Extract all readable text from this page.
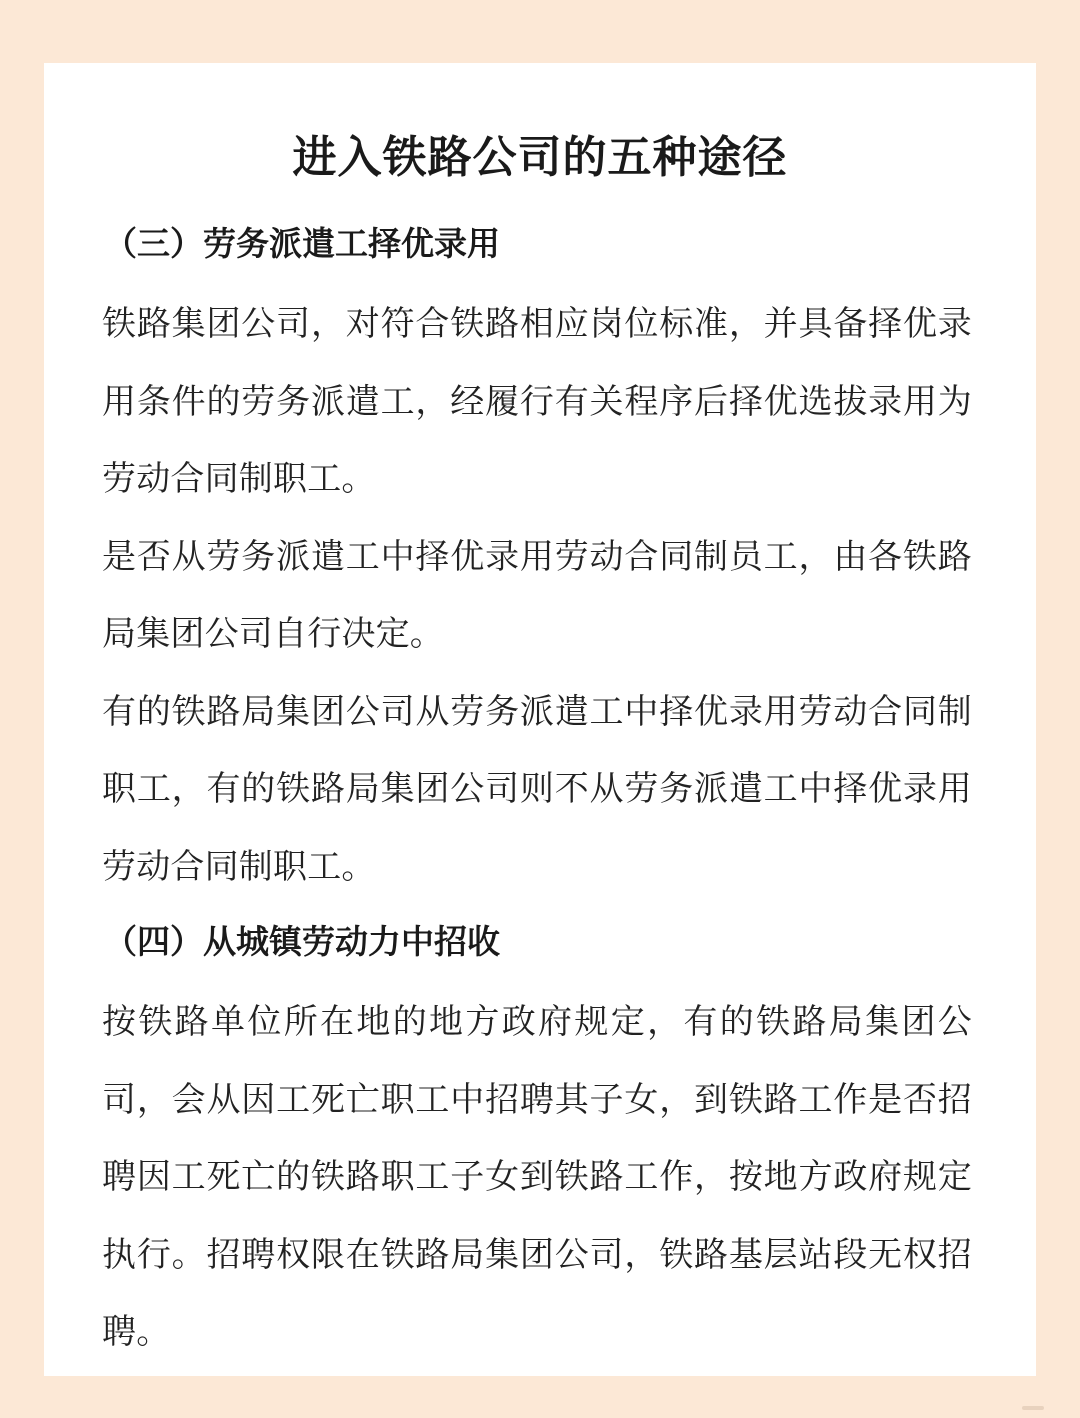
进入铁路公司的五种途径
（三）劳务派遣工择优录用

铁路集团公司，对符合铁路相应岗位标准，并具备择优录用条件的劳务派遣工，经履行有关程序后择优选拔录用为劳动合同制职工。

是否从劳务派遣工中择优录用劳动合同制员工，由各铁路局集团公司自行决定。

有的铁路局集团公司从劳务派遣工中择优录用劳动合同制职工，有的铁路局集团公司则不从劳务派遣工中择优录用劳动合同制职工。

（四）从城镇劳动力中招收

按铁路单位所在地的地方政府规定，有的铁路局集团公司，会从因工死亡职工中招聘其子女，到铁路工作是否招聘因工死亡的铁路职工子女到铁路工作，按地方政府规定执行。招聘权限在铁路局集团公司，铁路基层站段无权招聘。
